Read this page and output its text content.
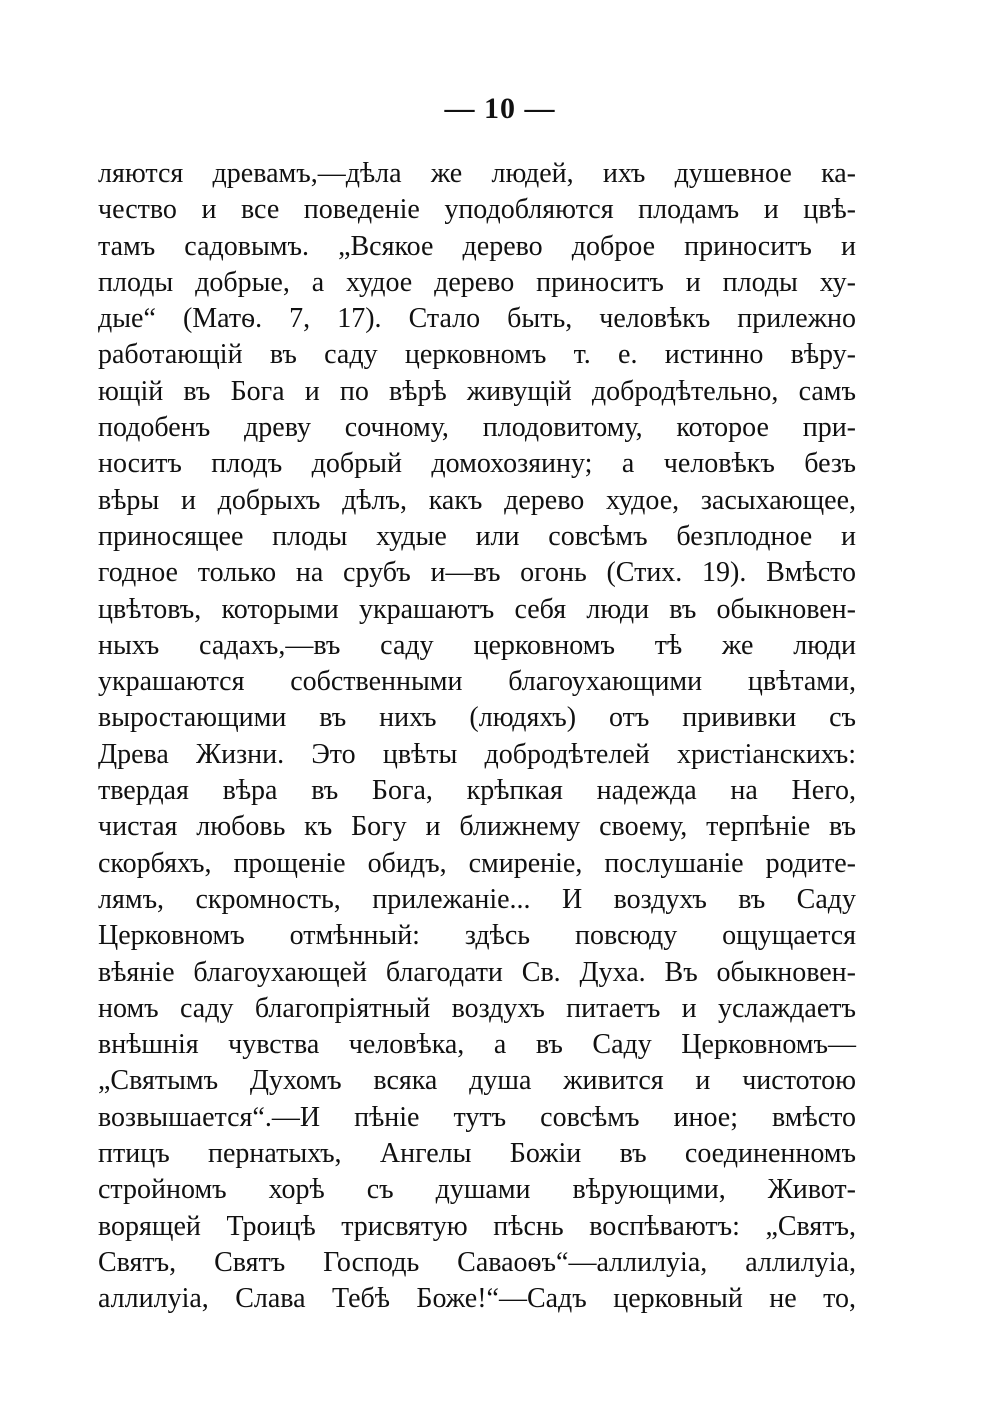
— 10 —
ляются древамъ,—дѣла же людей, ихъ душевное ка-
чество и все поведеніе уподобляются плодамъ и цвѣ-
тамъ садовымъ. „Всякое дерево доброе приноситъ и
плоды добрые, а худое дерево приноситъ и плоды ху-
дые“ (Матѳ. 7, 17). Стало быть, человѣкъ прилежно
работающій въ саду церковномъ т. е. истинно вѣру-
ющій въ Бога и по вѣрѣ живущій добродѣтельно, самъ
подобенъ древу сочному, плодовитому, которое при-
носитъ плодъ добрый домохозяину; а человѣкъ безъ
вѣры и добрыхъ дѣлъ, какъ дерево худое, засыхающее,
приносящее плоды худые или совсѣмъ безплодное и
годное только на срубъ и—въ огонь (Стих. 19). Вмѣсто
цвѣтовъ, которыми украшаютъ себя люди въ обыкновен-
ныхъ садахъ,—въ саду церковномъ тѣ же люди
украшаются собственными благоухающими цвѣтами,
выростающими въ нихъ (людяхъ) отъ прививки съ
Древа Жизни. Это цвѣты добродѣтелей христіанскихъ:
твердая вѣра въ Бога, крѣпкая надежда на Него,
чистая любовь къ Богу и ближнему своему, терпѣніе въ
скорбяхъ, прощеніе обидъ, смиреніе, послушаніе родите-
лямъ, скромность, прилежаніе... И воздухъ въ Саду
Церковномъ отмѣнный: здѣсь повсюду ощущается
вѣяніе благоухающей благодати Св. Духа. Въ обыкновен-
номъ саду благопріятный воздухъ питаетъ и услаждаетъ
внѣшнія чувства человѣка, а въ Саду Церковномъ—
„Святымъ Духомъ всяка душа живится и чистотою
возвышается“.—И пѣніе тутъ совсѣмъ иное; вмѣсто
птицъ пернатыхъ, Ангелы Божіи въ соединенномъ
стройномъ хорѣ съ душами вѣрующими, Живот-
ворящей Троицѣ трисвятую пѣснь воспѣваютъ: „Святъ,
Святъ, Святъ Господь Саваоѳъ“—аллилуіа, аллилуіа,
аллилуіа, Слава Тебѣ Боже!“—Садъ церковный не то,
